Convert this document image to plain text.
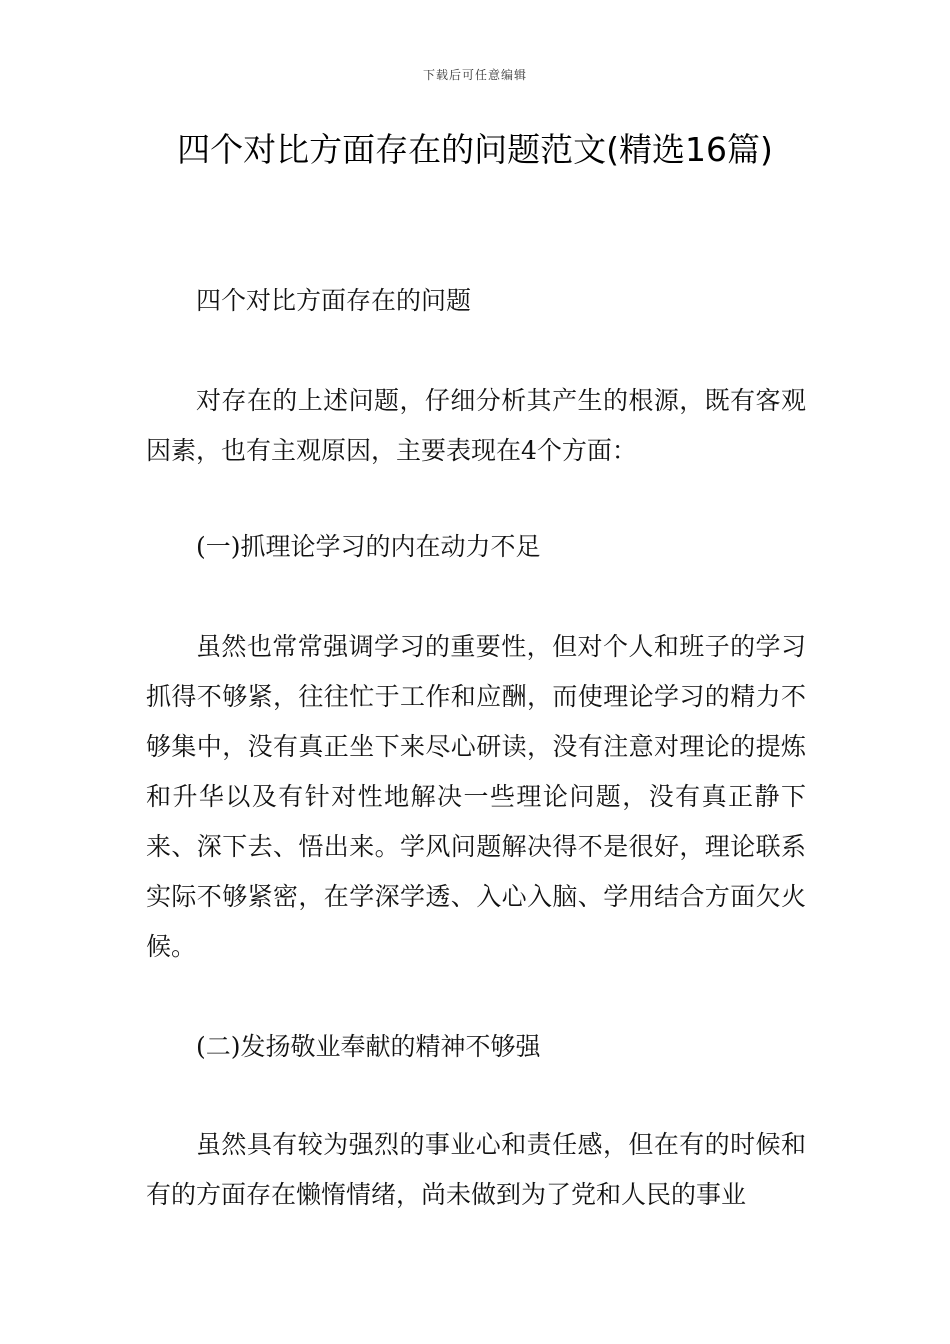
下载后可任意编辑
四个对比方面存在的问题范文(精选16篇)

四个对比方面存在的问题

对存在的上述问题，仔细分析其产生的根源，既有客观因素，也有主观原因，主要表现在4个方面：

(一)抓理论学习的内在动力不足

虽然也常常强调学习的重要性，但对个人和班子的学习抓得不够紧，往往忙于工作和应酬，而使理论学习的精力不够集中，没有真正坐下来尽心研读，没有注意对理论的提炼和升华以及有针对性地解决一些理论问题，没有真正静下来、深下去、悟出来。学风问题解决得不是很好，理论联系实际不够紧密，在学深学透、入心入脑、学用结合方面欠火候。

(二)发扬敬业奉献的精神不够强

虽然具有较为强烈的事业心和责任感，但在有的时候和有的方面存在懒惰情绪，尚未做到为了党和人民的事业
